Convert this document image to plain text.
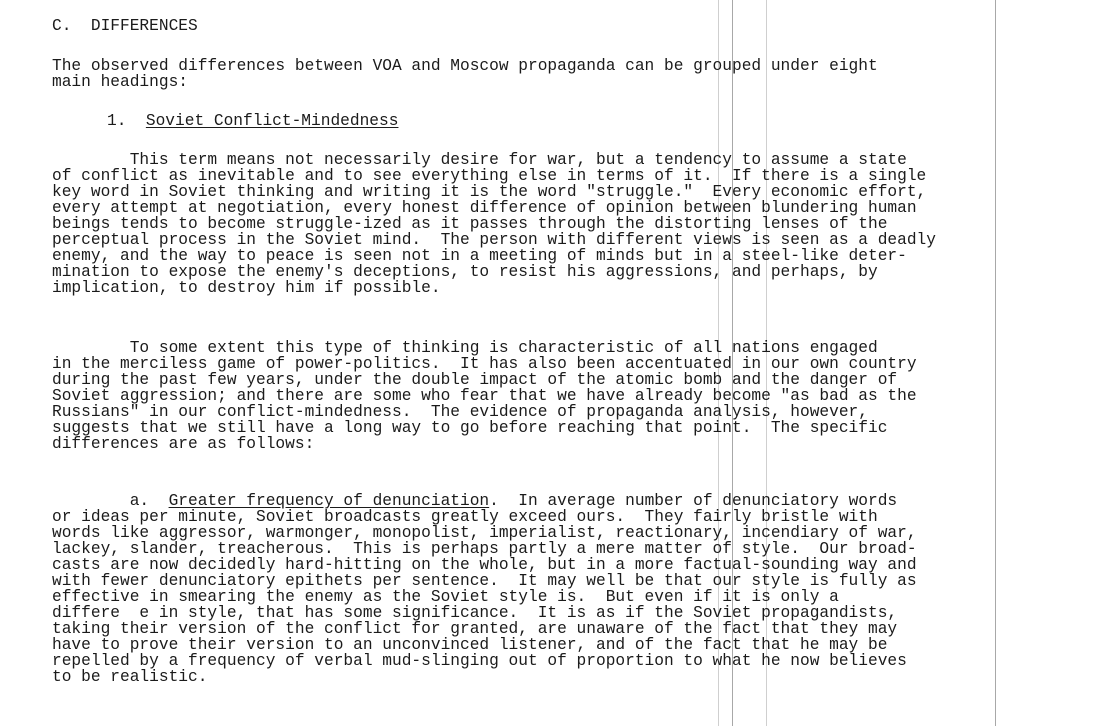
C.  DIFFERENCES
The observed differences between VOA and Moscow propaganda can be grouped under eight
main headings:
1. Soviet Conflict-Mindedness
This term means not necessarily desire for war, but a tendency to assume a state
of conflict as inevitable and to see everything else in terms of it.  If there is a single
key word in Soviet thinking and writing it is the word "struggle."  Every economic effort,
every attempt at negotiation, every honest difference of opinion between blundering human
beings tends to become struggle-ized as it passes through the distorting lenses of the
perceptual process in the Soviet mind.  The person with different views is seen as a deadly
enemy, and the way to peace is seen not in a meeting of minds but in a steel-like deter-
mination to expose the enemy's deceptions, to resist his aggressions, and perhaps, by
implication, to destroy him if possible.
To some extent this type of thinking is characteristic of all nations engaged
in the merciless game of power-politics.  It has also been accentuated in our own country
during the past few years, under the double impact of the atomic bomb and the danger of
Soviet aggression; and there are some who fear that we have already become "as bad as the
Russians" in our conflict-mindedness.  The evidence of propaganda analysis, however,
suggests that we still have a long way to go before reaching that point.  The specific
differences are as follows:
a.  Greater frequency of denunciation.  In average number of denunciatory words
or ideas per minute, Soviet broadcasts greatly exceed ours.  They fairly bristle with
words like aggressor, warmonger, monopolist, imperialist, reactionary, incendiary of war,
lackey, slander, treacherous.  This is perhaps partly a mere matter of style.  Our broad-
casts are now decidedly hard-hitting on the whole, but in a more factual-sounding way and
with fewer denunciatory epithets per sentence.  It may well be that our style is fully as
effective in smearing the enemy as the Soviet style is.  But even if it is only a
differe  e in style, that has some significance.  It is as if the Soviet propagandists,
taking their version of the conflict for granted, are unaware of the fact that they may
have to prove their version to an unconvinced listener, and of the fact that he may be
repelled by a frequency of verbal mud-slinging out of proportion to what he now believes
to be realistic.
